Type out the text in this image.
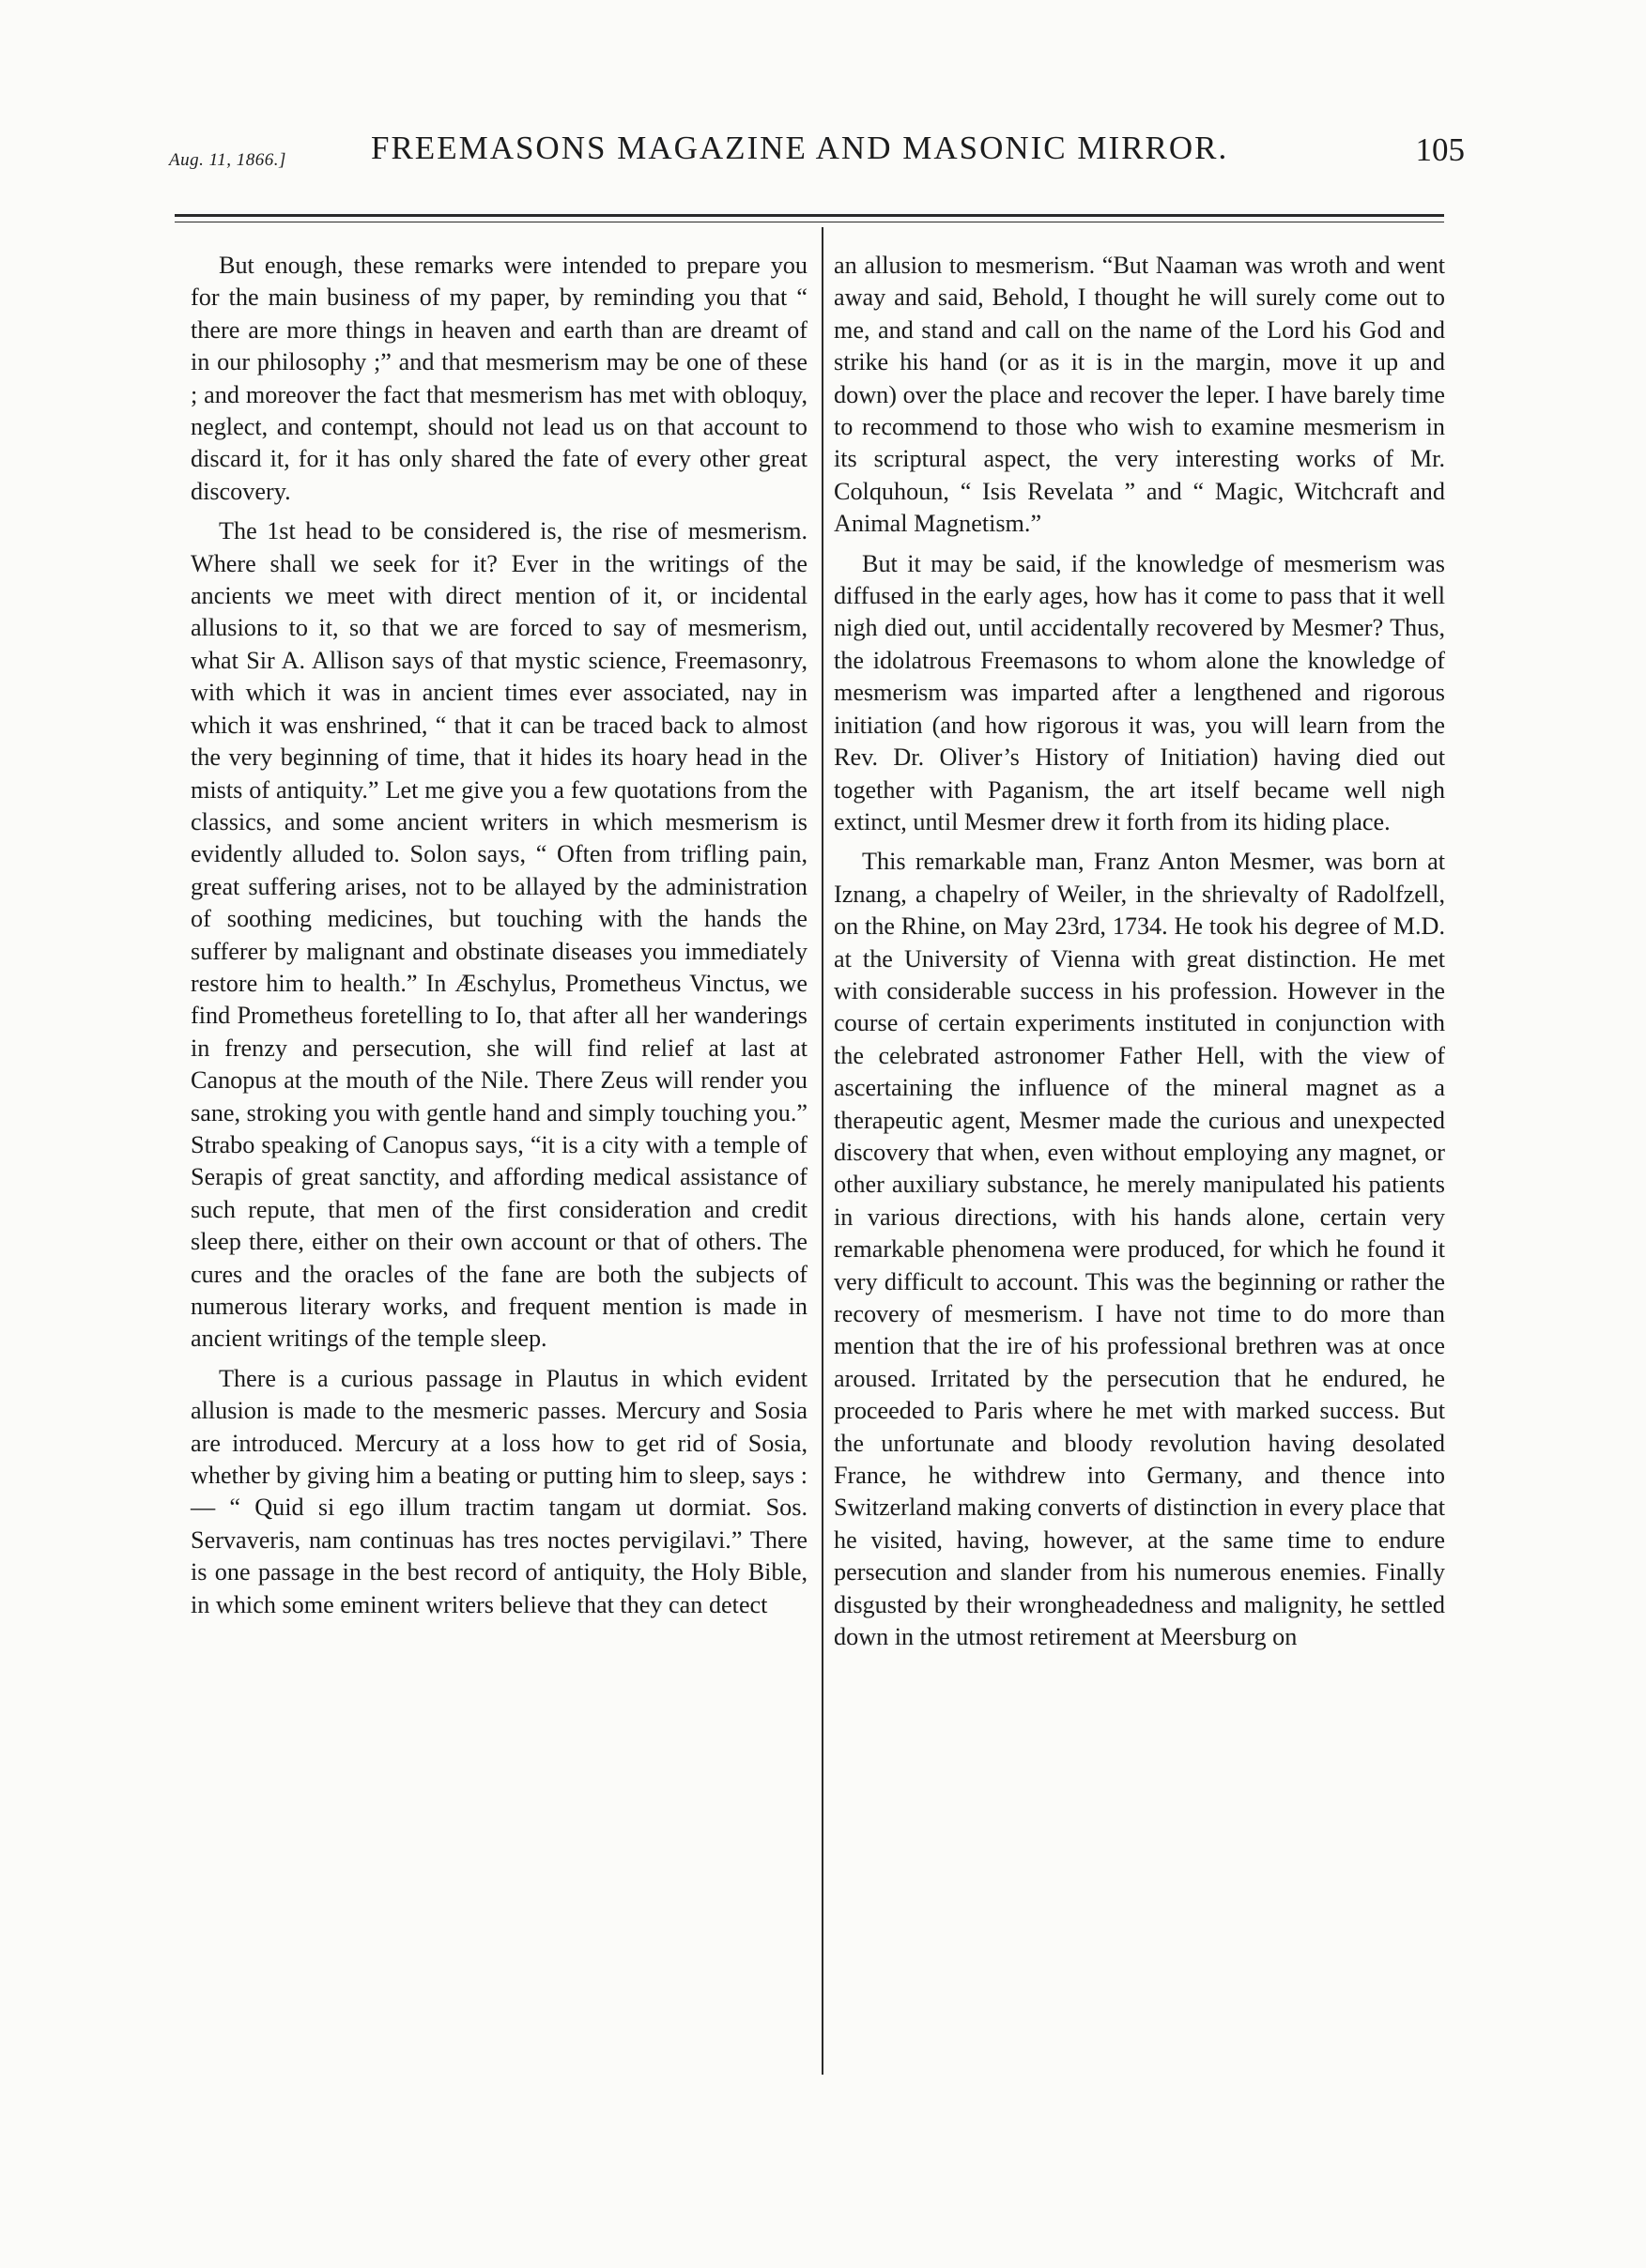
Aug. 11, 1866.]	FREEMASONS MAGAZINE AND MASONIC MIRROR.	105

But enough, these remarks were intended to prepare you for the main business of my paper, by reminding you that “ there are more things in heaven and earth than are dreamt of in our philosophy ;” and that mesmerism may be one of these ; and moreover the fact that mesmerism has met with obloquy, neglect, and contempt, should not lead us on that account to discard it, for it has only shared the fate of every other great discovery.

The 1st head to be considered is, the rise of mesmerism. Where shall we seek for it? Ever in the writings of the ancients we meet with direct mention of it, or incidental allusions to it, so that we are forced to say of mesmerism, what Sir A. Allison says of that mystic science, Freemasonry, with which it was in ancient times ever associated, nay in which it was enshrined, “ that it can be traced back to almost the very beginning of time, that it hides its hoary head in the mists of antiquity.” Let me give you a few quotations from the classics, and some ancient writers in which mesmerism is evidently alluded to. Solon says, “ Often from trifling pain, great suffering arises, not to be allayed by the administration of soothing medicines, but touching with the hands the sufferer by malignant and obstinate diseases you immediately restore him to health.” In Æschylus, Prometheus Vinctus, we find Prometheus foretelling to Io, that after all her wanderings in frenzy and persecution, she will find relief at last at Canopus at the mouth of the Nile. There Zeus will render you sane, stroking you with gentle hand and simply touching you.” Strabo speaking of Canopus says, “it is a city with a temple of Serapis of great sanctity, and affording medical assistance of such repute, that men of the first consideration and credit sleep there, either on their own account or that of others. The cures and the oracles of the fane are both the subjects of numerous literary works, and frequent mention is made in ancient writings of the temple sleep.

There is a curious passage in Plautus in which evident allusion is made to the mesmeric passes. Mercury and Sosia are introduced. Mercury at a loss how to get rid of Sosia, whether by giving him a beating or putting him to sleep, says :— “ Quid si ego illum tractim tangam ut dormiat. Sos. Servaveris, nam continuas has tres noctes pervigilavi.” There is one passage in the best record of antiquity, the Holy Bible, in which some eminent writers believe that they can detect

an allusion to mesmerism. “But Naaman was wroth and went away and said, Behold, I thought he will surely come out to me, and stand and call on the name of the Lord his God and strike his hand (or as it is in the margin, move it up and down) over the place and recover the leper. I have barely time to recommend to those who wish to examine mesmerism in its scriptural aspect, the very interesting works of Mr. Colquhoun, “ Isis Revelata ” and “ Magic, Witchcraft and Animal Magnetism.”

But it may be said, if the knowledge of mesmerism was diffused in the early ages, how has it come to pass that it well nigh died out, until accidentally recovered by Mesmer? Thus, the idolatrous Freemasons to whom alone the knowledge of mesmerism was imparted after a lengthened and rigorous initiation (and how rigorous it was, you will learn from the Rev. Dr. Oliver’s History of Initiation) having died out together with Paganism, the art itself became well nigh extinct, until Mesmer drew it forth from its hiding place.

This remarkable man, Franz Anton Mesmer, was born at Iznang, a chapelry of Weiler, in the shrievalty of Radolfzell, on the Rhine, on May 23rd, 1734. He took his degree of M.D. at the University of Vienna with great distinction. He met with considerable success in his profession. However in the course of certain experiments instituted in conjunction with the celebrated astronomer Father Hell, with the view of ascertaining the influence of the mineral magnet as a therapeutic agent, Mesmer made the curious and unexpected discovery that when, even without employing any magnet, or other auxiliary substance, he merely manipulated his patients in various directions, with his hands alone, certain very remarkable phenomena were produced, for which he found it very difficult to account. This was the beginning or rather the recovery of mesmerism. I have not time to do more than mention that the ire of his professional brethren was at once aroused. Irritated by the persecution that he endured, he proceeded to Paris where he met with marked success. But the unfortunate and bloody revolution having desolated France, he withdrew into Germany, and thence into Switzerland making converts of distinction in every place that he visited, having, however, at the same time to endure persecution and slander from his numerous enemies. Finally disgusted by their wrongheadedness and malignity, he settled down in the utmost retirement at Meersburg on
